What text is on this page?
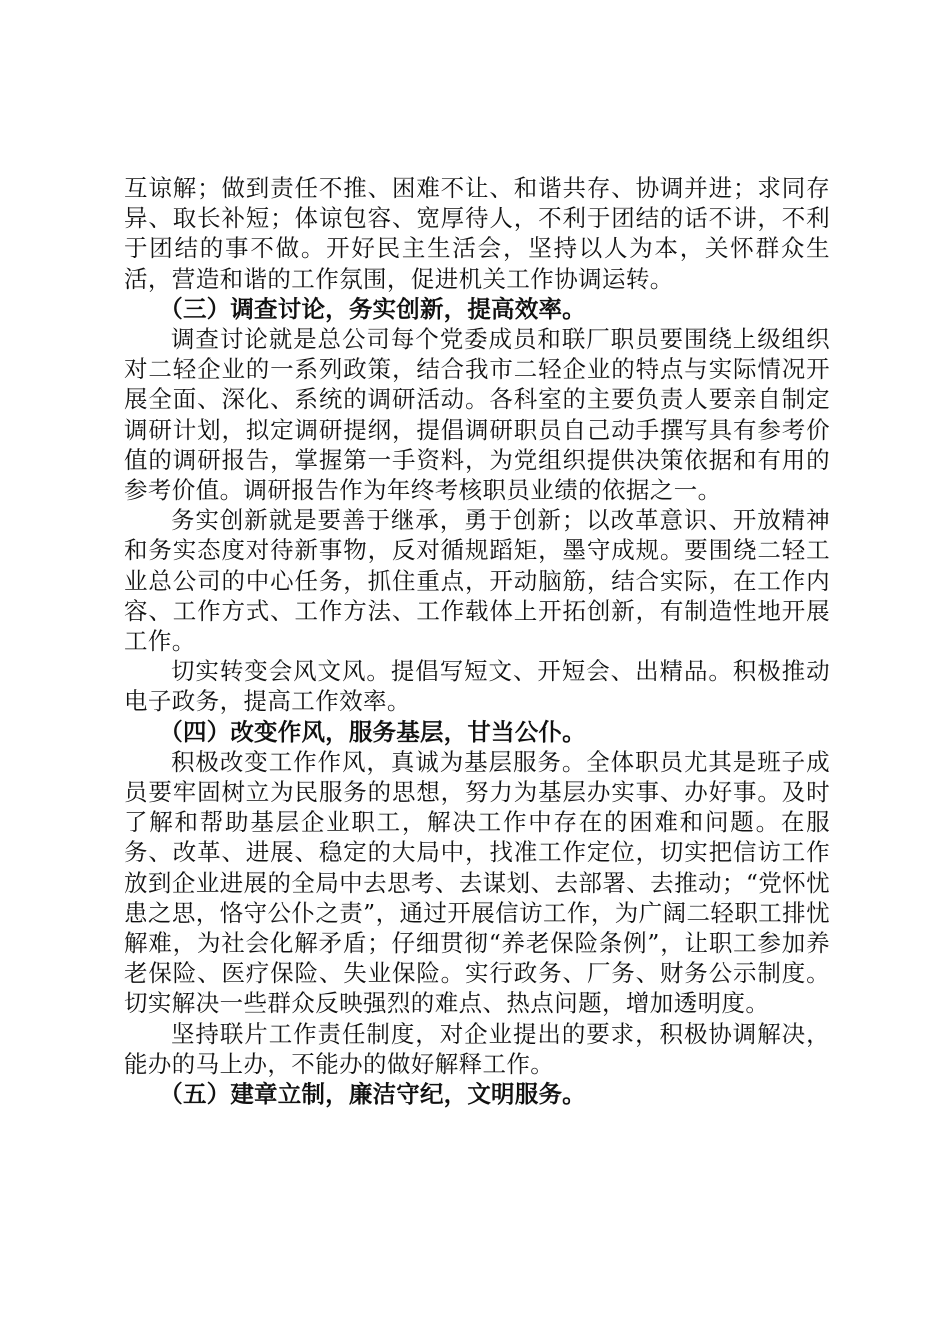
互谅解；做到责任不推、困难不让、和谐共存、协调并进；求同存异、取长补短；体谅包容、宽厚待人，不利于团结的话不讲，不利于团结的事不做。开好民主生活会，坚持以人为本，关怀群众生活，营造和谐的工作氛围，促进机关工作协调运转。

（三）调查讨论，务实创新，提高效率。

调查讨论就是总公司每个党委成员和联厂职员要围绕上级组织对二轻企业的一系列政策，结合我市二轻企业的特点与实际情况开展全面、深化、系统的调研活动。各科室的主要负责人要亲自制定调研计划，拟定调研提纲，提倡调研职员自己动手撰写具有参考价值的调研报告，掌握第一手资料，为党组织提供决策依据和有用的参考价值。调研报告作为年终考核职员业绩的依据之一。

务实创新就是要善于继承，勇于创新；以改革意识、开放精神和务实态度对待新事物，反对循规蹈矩，墨守成规。要围绕二轻工业总公司的中心任务，抓住重点，开动脑筋，结合实际，在工作内容、工作方式、工作方法、工作载体上开拓创新，有制造性地开展工作。

切实转变会风文风。提倡写短文、开短会、出精品。积极推动电子政务，提高工作效率。

（四）改变作风，服务基层，甘当公仆。

积极改变工作作风，真诚为基层服务。全体职员尤其是班子成员要牢固树立为民服务的思想，努力为基层办实事、办好事。及时了解和帮助基层企业职工，解决工作中存在的困难和问题。在服务、改革、进展、稳定的大局中，找准工作定位，切实把信访工作放到企业进展的全局中去思考、去谋划、去部署、去推动；“党怀忧患之思，恪守公仆之责”，通过开展信访工作，为广阔二轻职工排忧解难，为社会化解矛盾；仔细贯彻“养老保险条例”，让职工参加养老保险、医疗保险、失业保险。实行政务、厂务、财务公示制度。切实解决一些群众反映强烈的难点、热点问题，增加透明度。

坚持联片工作责任制度，对企业提出的要求，积极协调解决，能办的马上办，不能办的做好解释工作。

（五）建章立制，廉洁守纪，文明服务。
